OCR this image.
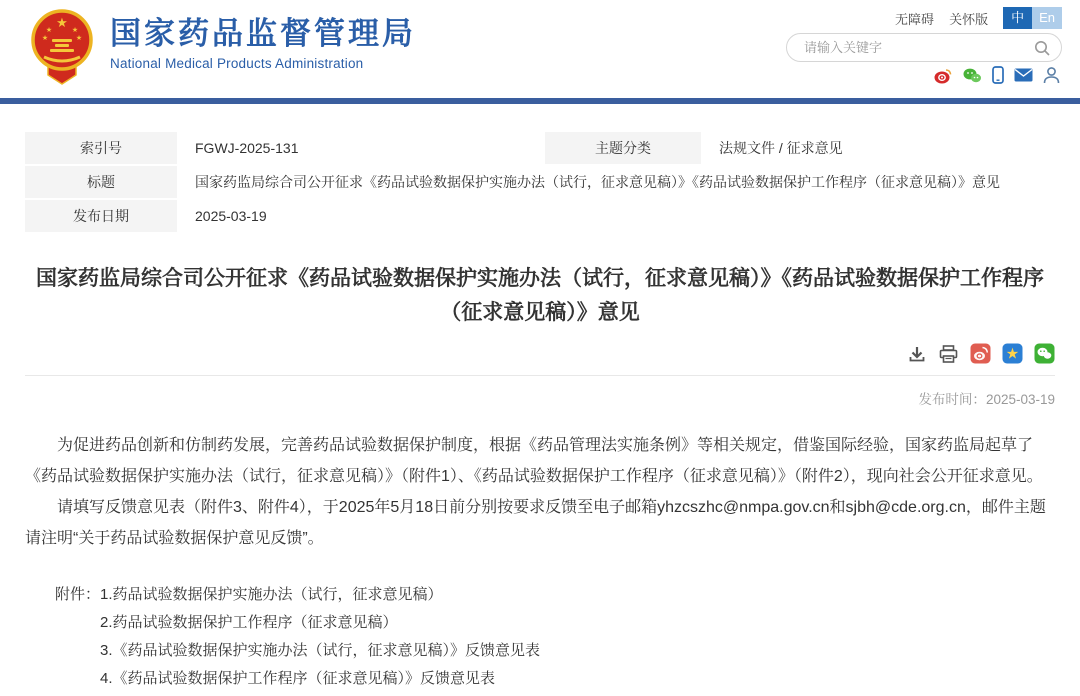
★
★	★
★	★ 国家药品监督管理局
National Medical Products Administration
无障碍 关怀版	中	En
请输入关键字
索引号	FGWJ-2025-131	主题分类	法规文件 / 征求意见
标题	国家药监局综合司公开征求《药品试验数据保护实施办法（试行，征求意见稿）》《药品试验数据保护工作程序（征求意见稿）》意见
发布日期	2025-03-19
国家药监局综合司公开征求《药品试验数据保护实施办法（试行，征求意见稿）》《药品试验数据保护工作程序（征求意见稿）》意见
★
发布时间：2025-03-19

为促进药品创新和仿制药发展，完善药品试验数据保护制度，根据《药品管理法实施条例》等相关规定，借鉴国际经验，国家药监局起草了《药品试验数据保护实施办法（试行，征求意见稿）》（附件1）、《药品试验数据保护工作程序（征求意见稿）》（附件2），现向社会公开征求意见。

请填写反馈意见表（附件3、附件4），于2025年5月18日前分别按要求反馈至电子邮箱yhzcszhc@nmpa.gov.cn和sjbh@cde.org.cn，邮件主题请注明“关于药品试验数据保护意见反馈”。

附件： 1.药品试验数据保护实施办法（试行，征求意见稿）
2.药品试验数据保护工作程序（征求意见稿）
3.《药品试验数据保护实施办法（试行，征求意见稿）》反馈意见表
4.《药品试验数据保护工作程序（征求意见稿）》反馈意见表
